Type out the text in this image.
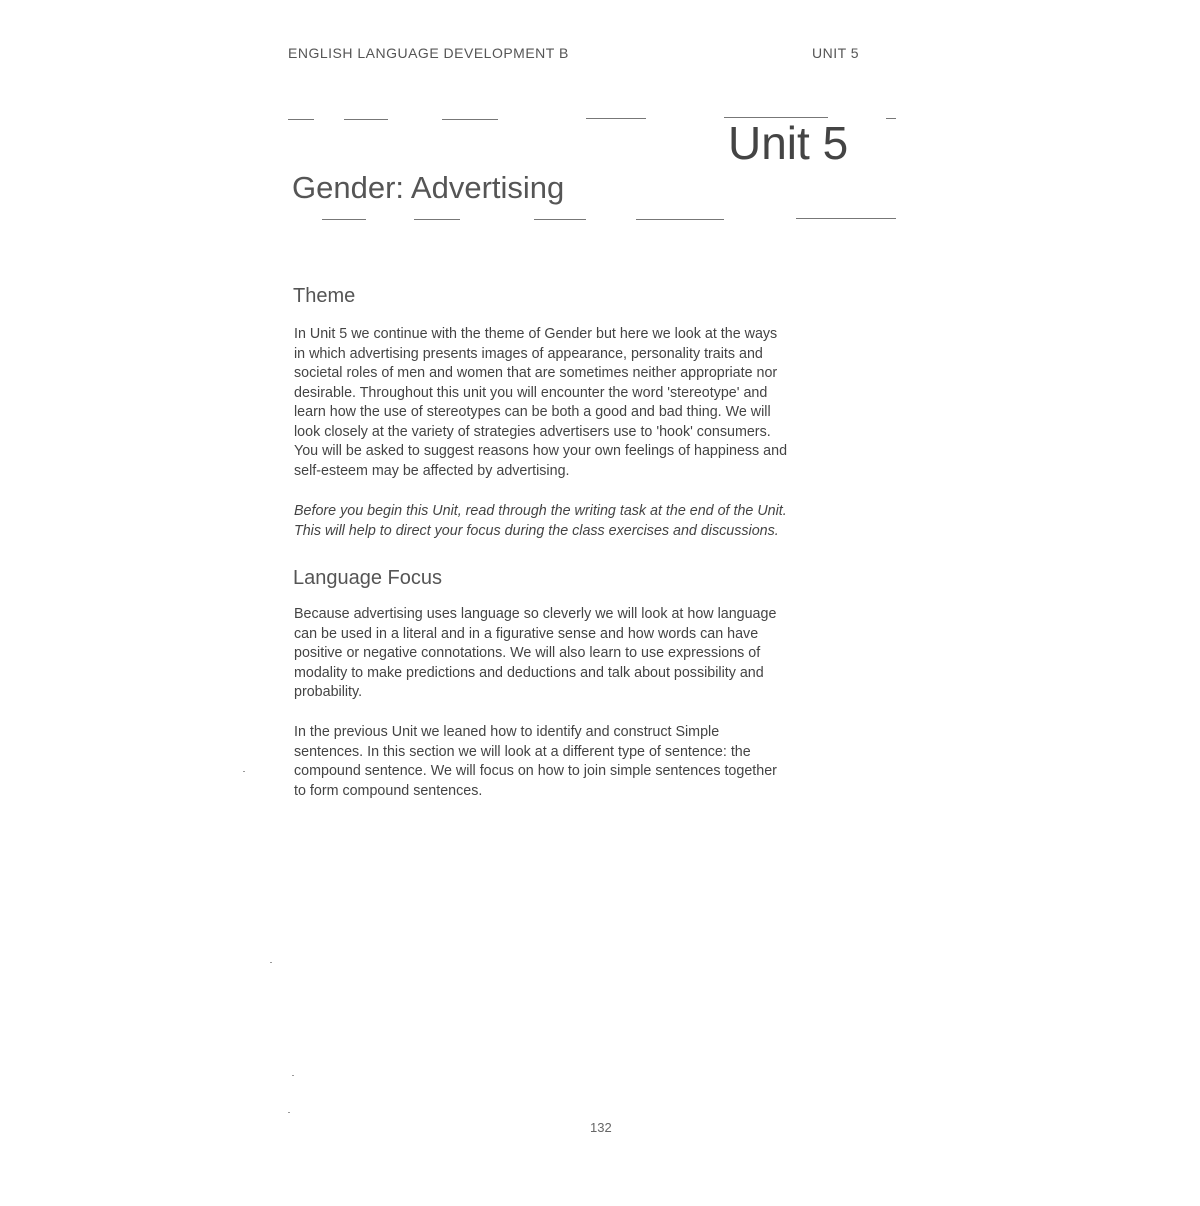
ENGLISH LANGUAGE DEVELOPMENT B	UNIT 5
Unit 5
Gender: Advertising
Theme
In Unit 5 we continue with the theme of Gender but here we look at the ways
in which advertising presents images of appearance, personality traits and
societal roles of men and women that are sometimes neither appropriate nor
desirable. Throughout this unit you will encounter the word 'stereotype' and
learn how the use of stereotypes can be both a good and bad thing. We will
look closely at the variety of strategies advertisers use to 'hook' consumers.
You will be asked to suggest reasons how your own feelings of happiness and
self-esteem may be affected by advertising.
Before you begin this Unit, read through the writing task at the end of the Unit.
This will help to direct your focus during the class exercises and discussions.
Language Focus
Because advertising uses language so cleverly we will look at how language
can be used in a literal and in a figurative sense and how words can have
positive or negative connotations. We will also learn to use expressions of
modality to make predictions and deductions and talk about possibility and
probability.
In the previous Unit we leaned how to identify and construct Simple
sentences. In this section we will look at a different type of sentence: the
compound sentence. We will focus on how to join simple sentences together
to form compound sentences.
132
